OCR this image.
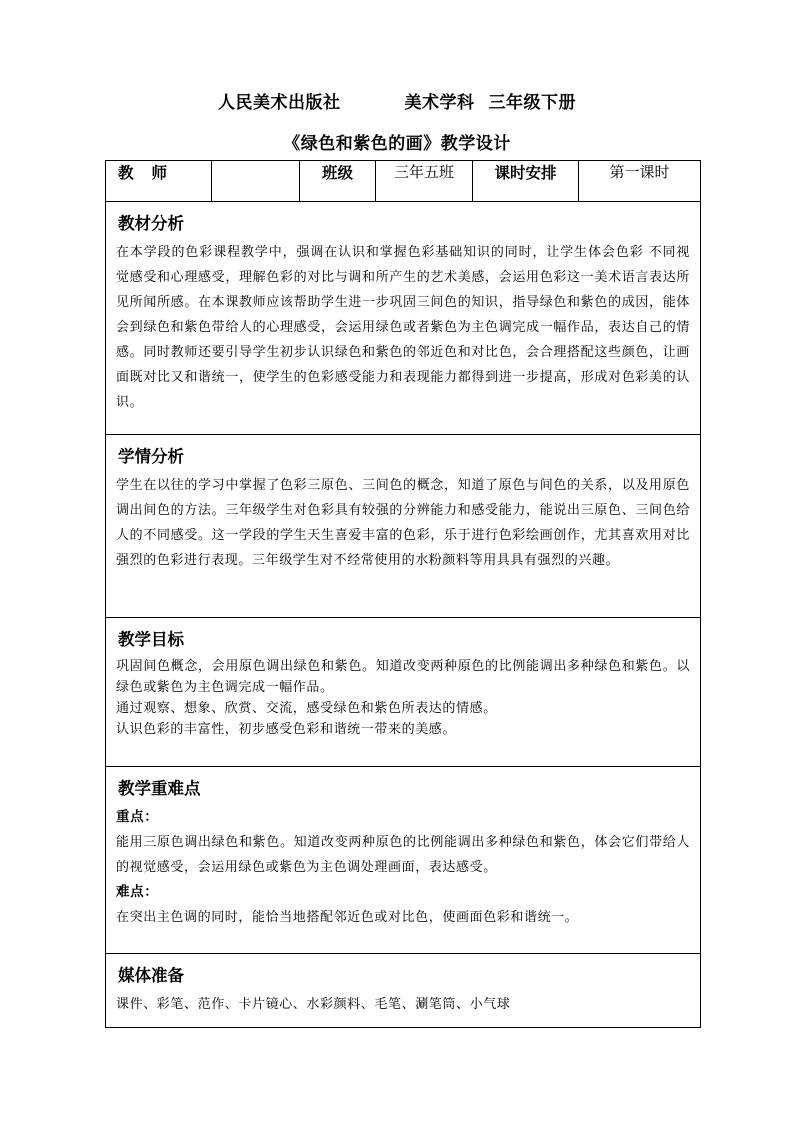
人民美术出版社	美术学科 三年级下册
《绿色和紫色的画》教学设计
教师		班级	三年五班	课时安排	第一课时

教材分析
在本学段的色彩课程教学中，强调在认识和掌握色彩基础知识的同时，让学生体会色彩 不同视觉感受和心理感受，理解色彩的对比与调和所产生的艺术美感，会运用色彩这一美术语言表达所见所闻所感。在本课教师应该帮助学生进一步巩固三间色的知识，指导绿色和紫色的成因，能体会到绿色和紫色带给人的心理感受，会运用绿色或者紫色为主色调完成一幅作品，表达自己的情感。同时教师还要引导学生初步认识绿色和紫色的邻近色和对比色，会合理搭配这些颜色，让画面既对比又和谐统一，使学生的色彩感受能力和表现能力都得到进一步提高，形成对色彩美的认识。

学情分析
学生在以往的学习中掌握了色彩三原色、三间色的概念，知道了原色与间色的关系，以及用原色调出间色的方法。三年级学生对色彩具有较强的分辨能力和感受能力，能说出三原色、三间色给人的不同感受。这一学段的学生天生喜爱丰富的色彩，乐于进行色彩绘画创作，尤其喜欢用对比强烈的色彩进行表现。三年级学生对不经常使用的水粉颜料等用具具有强烈的兴趣。

教学目标

巩固间色概念，会用原色调出绿色和紫色。知道改变两种原色的比例能调出多种绿色和紫色。以绿色或紫色为主色调完成一幅作品。

通过观察、想象、欣赏、交流，感受绿色和紫色所表达的情感。

认识色彩的丰富性，初步感受色彩和谐统一带来的美感。

教学重难点

重点：

能用三原色调出绿色和紫色。知道改变两种原色的比例能调出多种绿色和紫色，体会它们带给人的视觉感受，会运用绿色或紫色为主色调处理画面，表达感受。

难点：

在突出主色调的同时，能恰当地搭配邻近色或对比色，使画面色彩和谐统一。

媒体准备
课件、彩笔、范作、卡片镜心、水彩颜料、毛笔、涮笔筒、小气球
